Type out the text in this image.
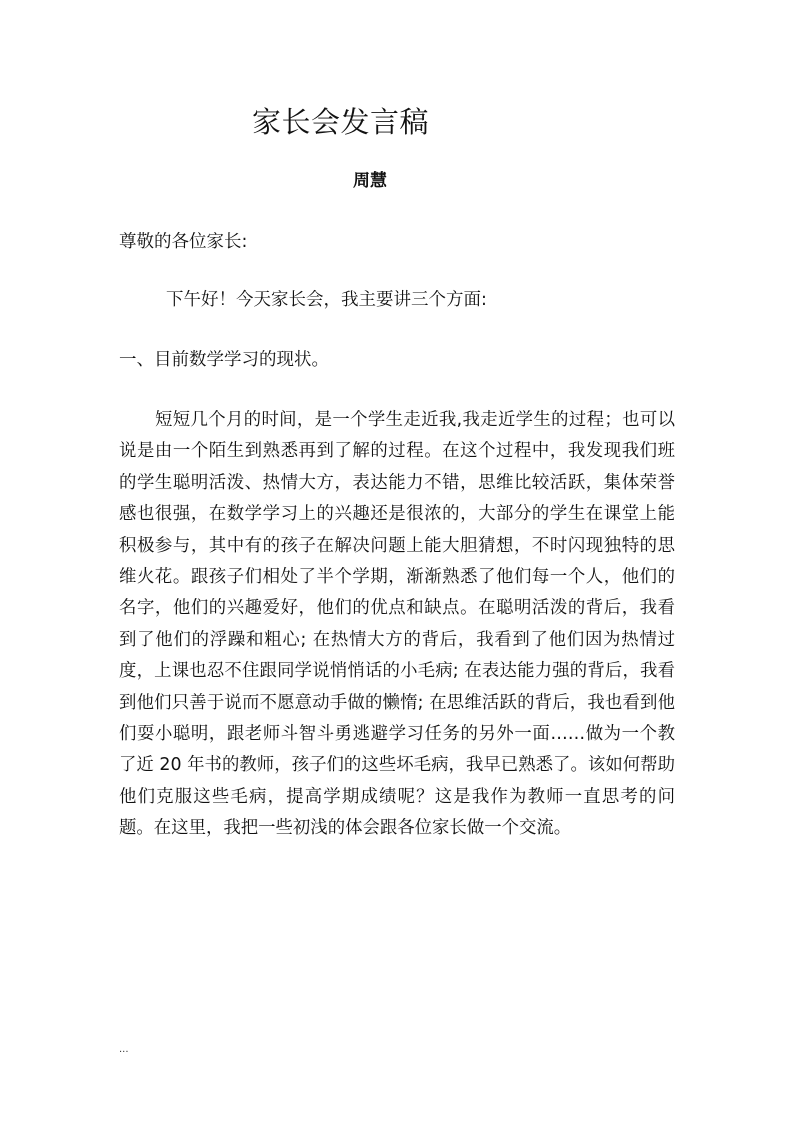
家长会发言稿
周慧
尊敬的各位家长:
下午好！今天家长会，我主要讲三个方面:
一、目前数学学习的现状。

短短几个月的时间，是一个学生走近我,我走近学生的过程；也可以说是由一个陌生到熟悉再到了解的过程。在这个过程中，我发现我们班的学生聪明活泼、热情大方，表达能力不错，思维比较活跃，集体荣誉感也很强，在数学学习上的兴趣还是很浓的，大部分的学生在课堂上能积极参与，其中有的孩子在解决问题上能大胆猜想，不时闪现独特的思维火花。跟孩子们相处了半个学期，渐渐熟悉了他们每一个人，他们的名字，他们的兴趣爱好，他们的优点和缺点。在聪明活泼的背后，我看到了他们的浮躁和粗心; 在热情大方的背后，我看到了他们因为热情过度，上课也忍不住跟同学说悄悄话的小毛病; 在表达能力强的背后，我看到他们只善于说而不愿意动手做的懒惰; 在思维活跃的背后，我也看到他们耍小聪明，跟老师斗智斗勇逃避学习任务的另外一面……做为一个教了近 20 年书的教师，孩子们的这些坏毛病，我早已熟悉了。该如何帮助他们克服这些毛病，提高学期成绩呢？这是我作为教师一直思考的问题。在这里，我把一些初浅的体会跟各位家长做一个交流。

...
